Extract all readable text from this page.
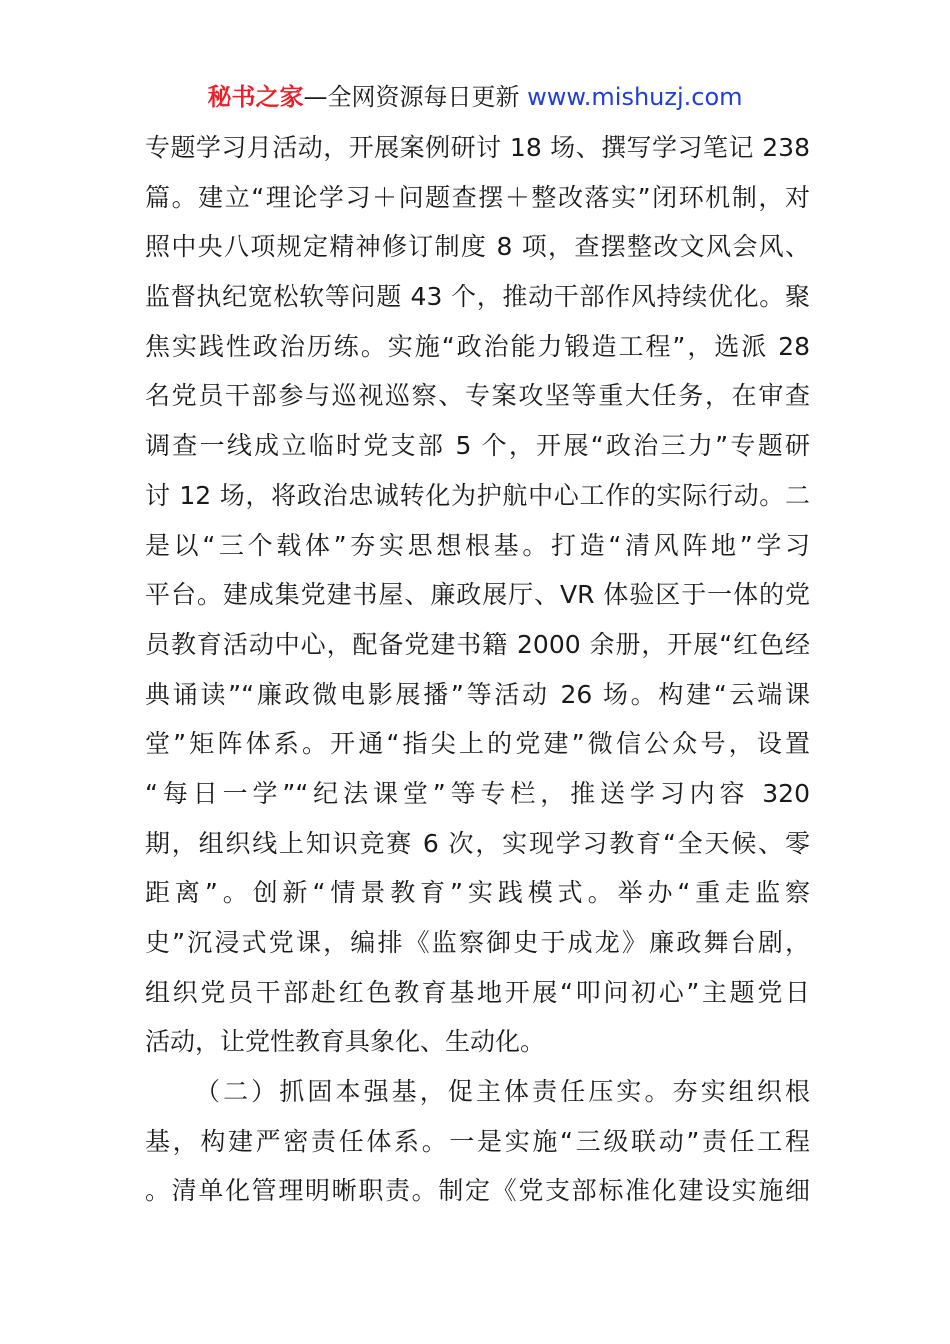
秘书之家—全网资源每日更新 www.mishuzj.com
专题学习月活动，开展案例研讨 18 场、撰写学习笔记 238
篇。建立“理论学习＋问题查摆＋整改落实”闭环机制，对
照中央八项规定精神修订制度 8 项，查摆整改文风会风、
监督执纪宽松软等问题 43 个，推动干部作风持续优化。聚
焦实践性政治历练。实施“政治能力锻造工程”，选派 28
名党员干部参与巡视巡察、专案攻坚等重大任务，在审查
调查一线成立临时党支部 5 个，开展“政治三力”专题研
讨 12 场，将政治忠诚转化为护航中心工作的实际行动。二
是以“三个载体”夯实思想根基。打造“清风阵地”学习
平台。建成集党建书屋、廉政展厅、VR 体验区于一体的党
员教育活动中心，配备党建书籍 2000 余册，开展“红色经
典诵读”“廉政微电影展播”等活动 26 场。构建“云端课
堂”矩阵体系。开通“指尖上的党建”微信公众号，设置
“每日一学”“纪法课堂”等专栏，推送学习内容 320
期，组织线上知识竞赛 6 次，实现学习教育“全天候、零
距离”。创新“情景教育”实践模式。举办“重走监察
史”沉浸式党课，编排《监察御史于成龙》廉政舞台剧，
组织党员干部赴红色教育基地开展“叩问初心”主题党日
活动，让党性教育具象化、生动化。
（二）抓固本强基，促主体责任压实。夯实组织根
基，构建严密责任体系。一是实施“三级联动”责任工程
。清单化管理明晰职责。制定《党支部标准化建设实施细
